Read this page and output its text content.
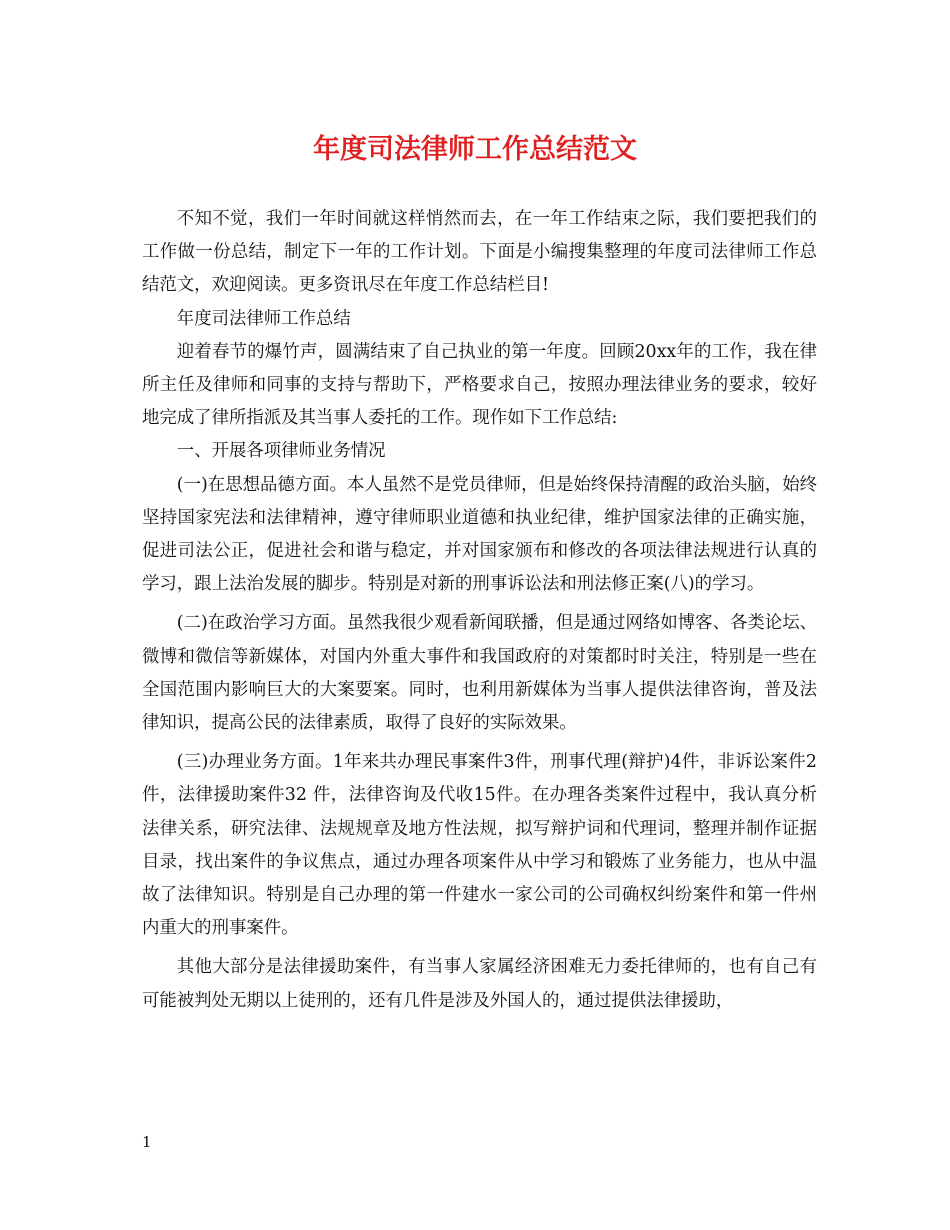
年度司法律师工作总结范文

不知不觉，我们一年时间就这样悄然而去，在一年工作结束之际，我们要把我们的工作做一份总结，制定下一年的工作计划。下面是小编搜集整理的年度司法律师工作总结范文，欢迎阅读。更多资讯尽在年度工作总结栏目!

年度司法律师工作总结

迎着春节的爆竹声，圆满结束了自己执业的第一年度。回顾20xx年的工作，我在律所主任及律师和同事的支持与帮助下，严格要求自己，按照办理法律业务的要求，较好地完成了律所指派及其当事人委托的工作。现作如下工作总结:

一、开展各项律师业务情况

(一)在思想品德方面。本人虽然不是党员律师，但是始终保持清醒的政治头脑，始终坚持国家宪法和法律精神，遵守律师职业道德和执业纪律，维护国家法律的正确实施，促进司法公正，促进社会和谐与稳定，并对国家颁布和修改的各项法律法规进行认真的学习，跟上法治发展的脚步。特别是对新的刑事诉讼法和刑法修正案(八)的学习。

(二)在政治学习方面。虽然我很少观看新闻联播，但是通过网络如博客、各类论坛、微博和微信等新媒体，对国内外重大事件和我国政府的对策都时时关注，特别是一些在全国范围内影响巨大的大案要案。同时，也利用新媒体为当事人提供法律咨询，普及法律知识，提高公民的法律素质，取得了良好的实际效果。

(三)办理业务方面。1年来共办理民事案件3件，刑事代理(辩护)4件，非诉讼案件2 件，法律援助案件32 件，法律咨询及代收15件。在办理各类案件过程中，我认真分析法律关系，研究法律、法规规章及地方性法规，拟写辩护词和代理词，整理并制作证据目录，找出案件的争议焦点，通过办理各项案件从中学习和锻炼了业务能力，也从中温故了法律知识。特别是自己办理的第一件建水一家公司的公司确权纠纷案件和第一件州内重大的刑事案件。

其他大部分是法律援助案件，有当事人家属经济困难无力委托律师的，也有自己有可能被判处无期以上徒刑的，还有几件是涉及外国人的，通过提供法律援助，

1
